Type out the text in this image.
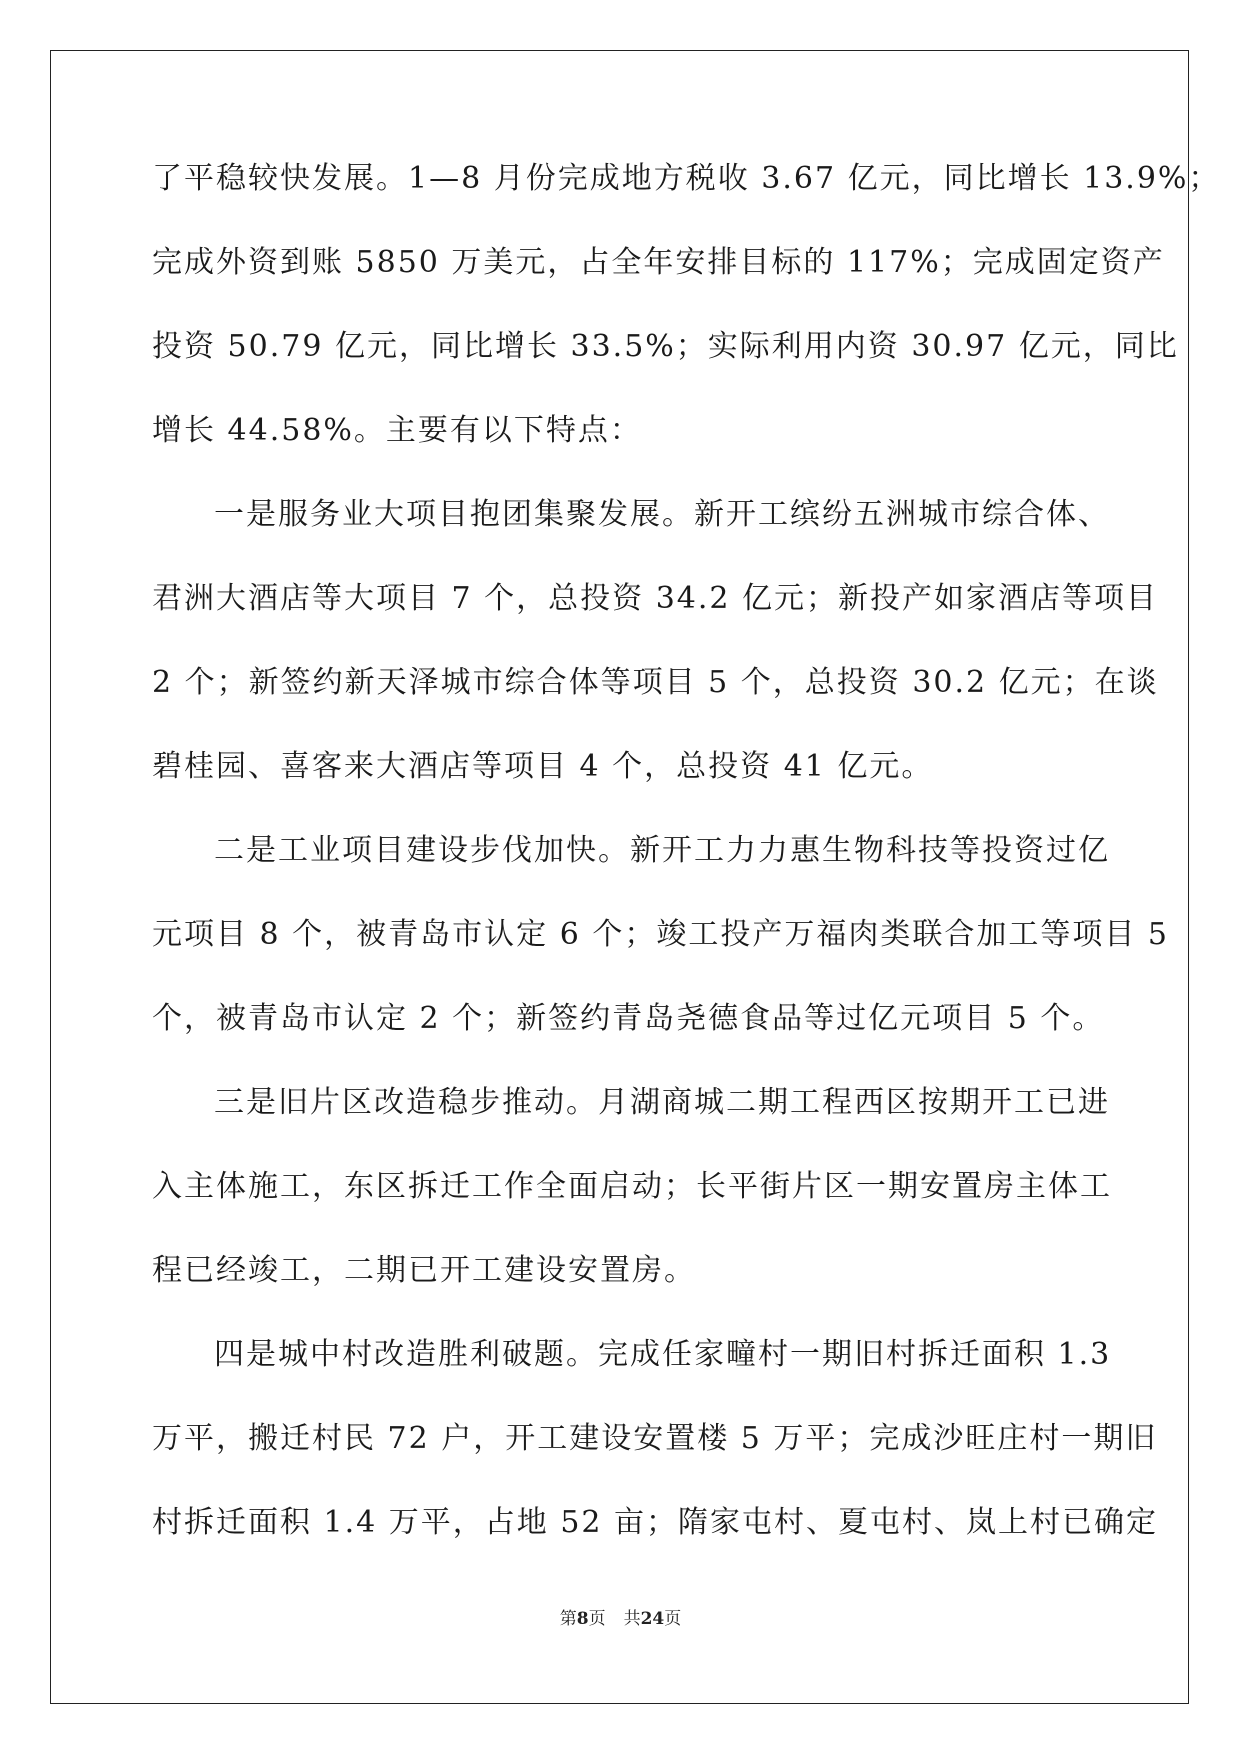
了平稳较快发展。1—8 月份完成地方税收 3.67 亿元，同比增长 13.9%；
完成外资到账 5850 万美元，占全年安排目标的 117%；完成固定资产
投资 50.79 亿元，同比增长 33.5%；实际利用内资 30.97 亿元，同比
增长 44.58%。主要有以下特点：
一是服务业大项目抱团集聚发展。新开工缤纷五洲城市综合体、
君洲大酒店等大项目 7 个，总投资 34.2 亿元；新投产如家酒店等项目
2 个；新签约新天泽城市综合体等项目 5 个，总投资 30.2 亿元；在谈
碧桂园、喜客来大酒店等项目 4 个，总投资 41 亿元。
二是工业项目建设步伐加快。新开工力力惠生物科技等投资过亿
元项目 8 个，被青岛市认定 6 个；竣工投产万福肉类联合加工等项目 5
个，被青岛市认定 2 个；新签约青岛尧德食品等过亿元项目 5 个。
三是旧片区改造稳步推动。月湖商城二期工程西区按期开工已进
入主体施工，东区拆迁工作全面启动；长平街片区一期安置房主体工
程已经竣工，二期已开工建设安置房。
四是城中村改造胜利破题。完成任家疃村一期旧村拆迁面积 1.3
万平，搬迁村民 72 户，开工建设安置楼 5 万平；完成沙旺庄村一期旧
村拆迁面积 1.4 万平，占地 52 亩；隋家屯村、夏屯村、岚上村已确定
第8页 共24页
